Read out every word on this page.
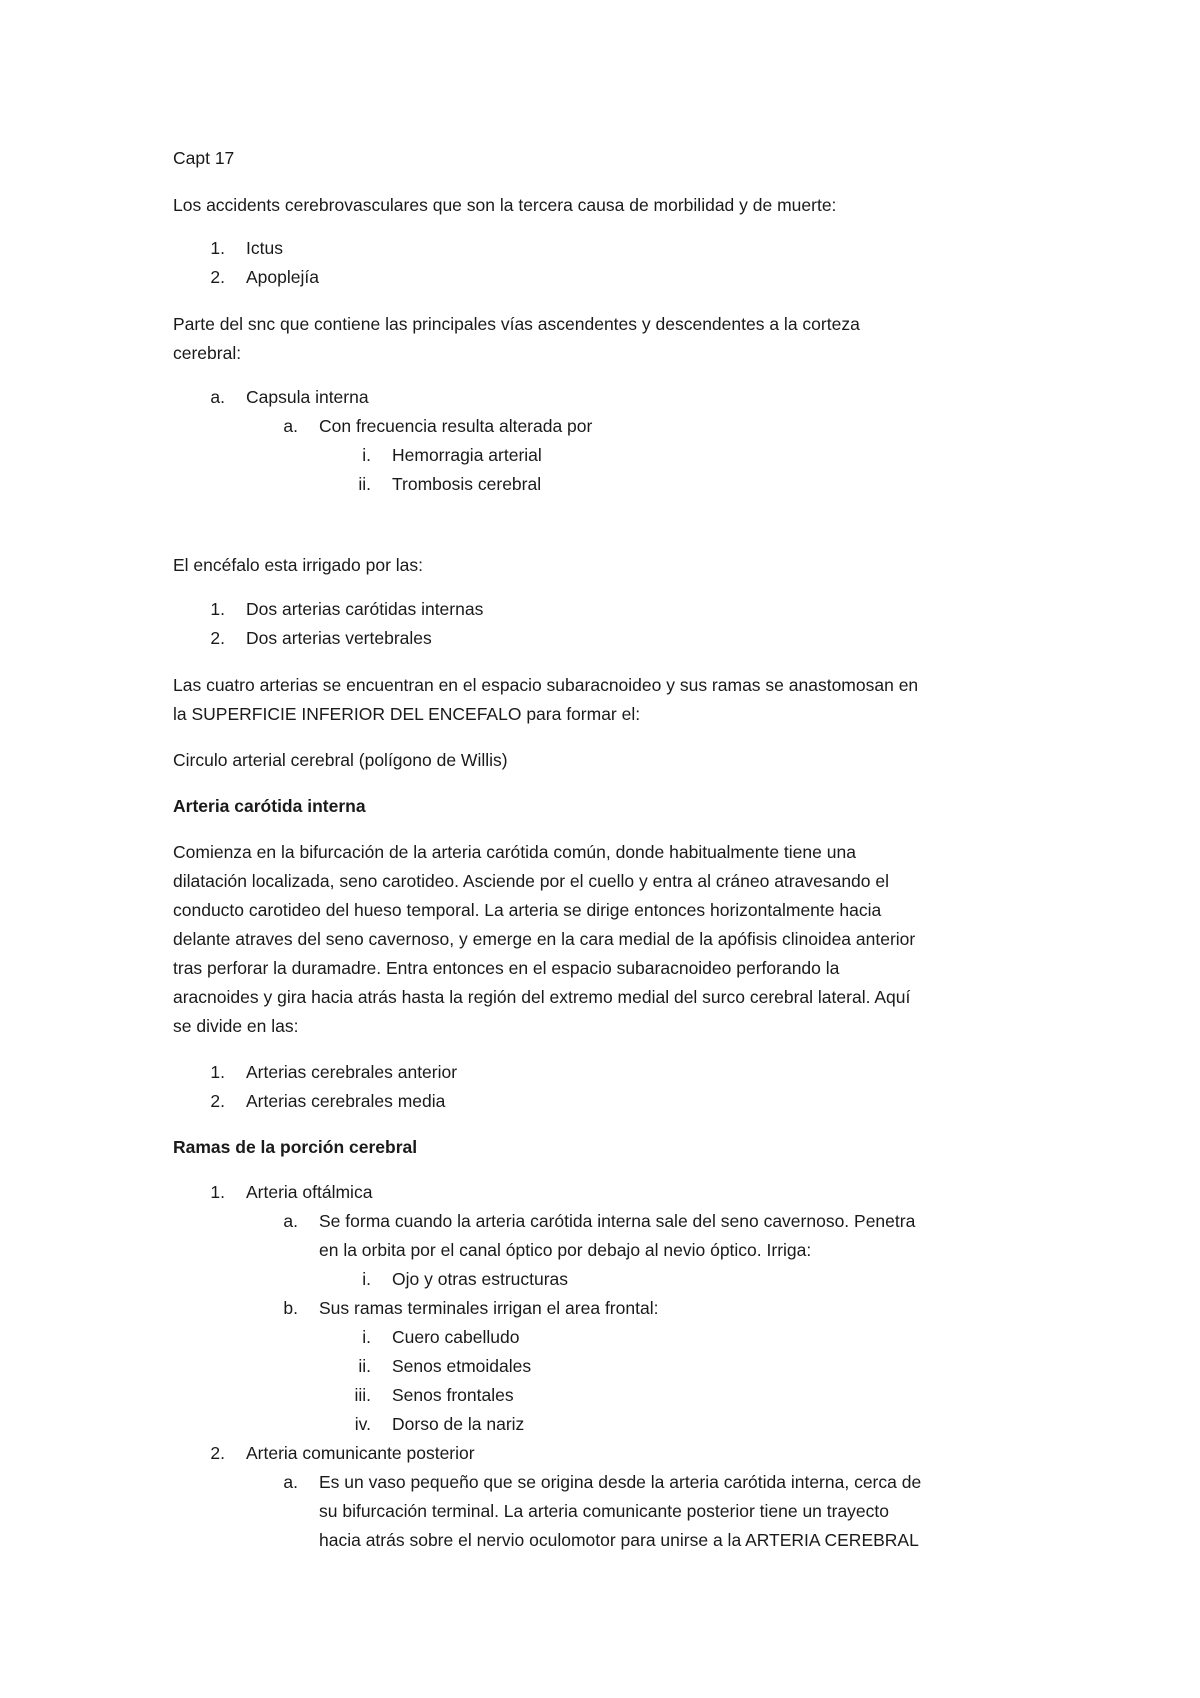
Capt 17

Los accidents cerebrovasculares que son la tercera causa de morbilidad y de muerte:

1. Ictus
2. Apoplejía

Parte del snc que contiene las principales vías ascendentes y descendentes a la corteza

cerebral:

a. Capsula interna
a. Con frecuencia resulta alterada por
i. Hemorragia arterial
ii. Trombosis cerebral

El encéfalo esta irrigado por las:

1. Dos arterias carótidas internas
2. Dos arterias vertebrales

Las cuatro arterias se encuentran en el espacio subaracnoideo y sus ramas se anastomosan en

la SUPERFICIE INFERIOR DEL ENCEFALO para formar el:

Circulo arterial cerebral (polígono de Willis)

Arteria carótida interna

Comienza en la bifurcación de la arteria carótida común, donde habitualmente tiene una

dilatación localizada, seno carotideo. Asciende por el cuello y entra al cráneo atravesando el

conducto carotideo del hueso temporal. La arteria se dirige entonces horizontalmente hacia

delante atraves del seno cavernoso, y emerge en la cara medial de la apófisis clinoidea anterior

tras perforar la duramadre. Entra entonces en el espacio subaracnoideo perforando la

aracnoides y gira hacia atrás hasta la región del extremo medial del surco cerebral lateral. Aquí

se divide en las:

1. Arterias cerebrales anterior
2. Arterias cerebrales media

Ramas de la porción cerebral

1. Arteria oftálmica
a. Se forma cuando la arteria carótida interna sale del seno cavernoso. Penetra
en la orbita por el canal óptico por debajo al nevio óptico. Irriga:
i. Ojo y otras estructuras
b. Sus ramas terminales irrigan el area frontal:
i. Cuero cabelludo
ii. Senos etmoidales
iii. Senos frontales
iv. Dorso de la nariz
2. Arteria comunicante posterior
a. Es un vaso pequeño que se origina desde la arteria carótida interna, cerca de
su bifurcación terminal. La arteria comunicante posterior tiene un trayecto
hacia atrás sobre el nervio oculomotor para unirse a la ARTERIA CEREBRAL
